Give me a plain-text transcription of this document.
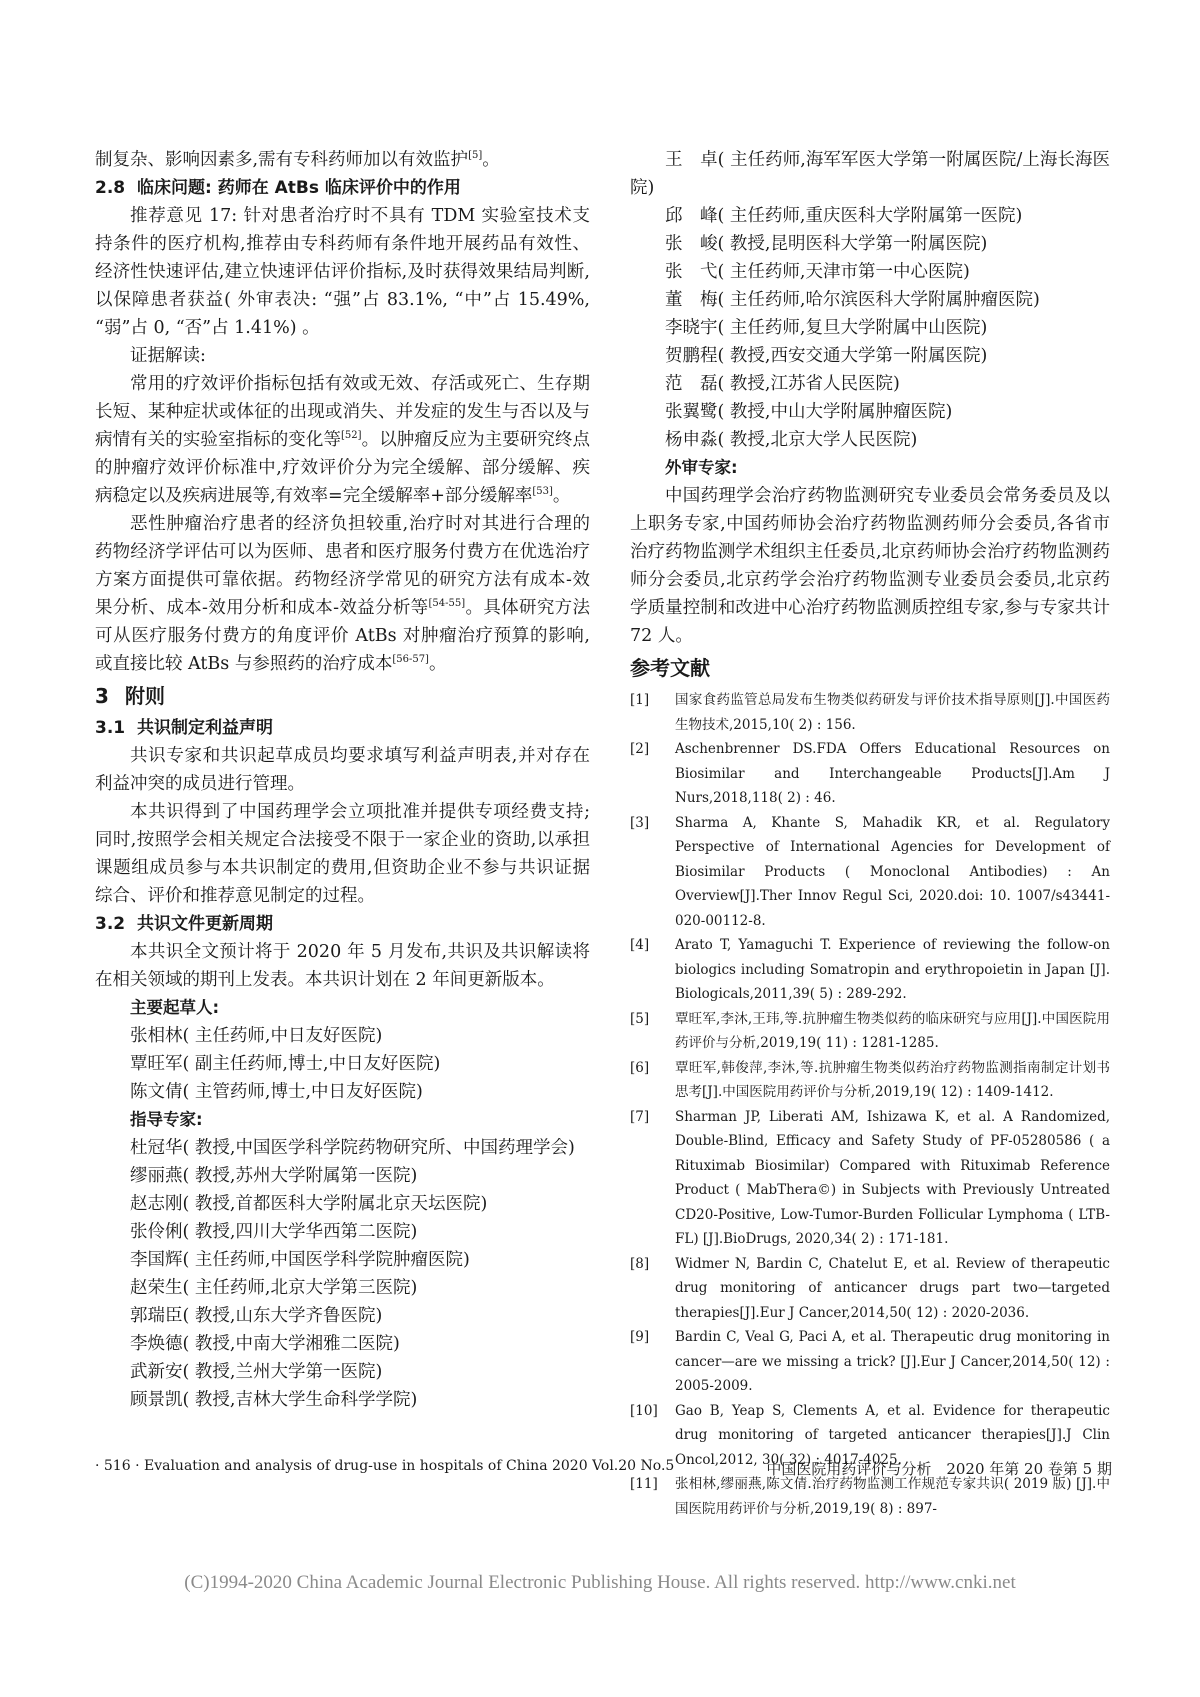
制复杂、影响因素多,需有专科药师加以有效监护[5]。

2.8 临床问题: 药师在 AtBs 临床评价中的作用

推荐意见 17: 针对患者治疗时不具有 TDM 实验室技术支持条件的医疗机构,推荐由专科药师有条件地开展药品有效性、经济性快速评估,建立快速评估评价指标,及时获得效果结局判断,以保障患者获益( 外审表决: “强”占 83.1%, “中”占 15.49%, “弱”占 0, “否”占 1.41%) 。

证据解读:

常用的疗效评价指标包括有效或无效、存活或死亡、生存期长短、某种症状或体征的出现或消失、并发症的发生与否以及与病情有关的实验室指标的变化等[52]。以肿瘤反应为主要研究终点的肿瘤疗效评价标准中,疗效评价分为完全缓解、部分缓解、疾病稳定以及疾病进展等,有效率=完全缓解率+部分缓解率[53]。

恶性肿瘤治疗患者的经济负担较重,治疗时对其进行合理的药物经济学评估可以为医师、患者和医疗服务付费方在优选治疗方案方面提供可靠依据。药物经济学常见的研究方法有成本-效果分析、成本-效用分析和成本-效益分析等[54-55]。具体研究方法可从医疗服务付费方的角度评价 AtBs 对肿瘤治疗预算的影响,或直接比较 AtBs 与参照药的治疗成本[56-57]。

3 附则
3.1 共识制定利益声明

共识专家和共识起草成员均要求填写利益声明表,并对存在利益冲突的成员进行管理。

本共识得到了中国药理学会立项批准并提供专项经费支持; 同时,按照学会相关规定合法接受不限于一家企业的资助,以承担课题组成员参与本共识制定的费用,但资助企业不参与共识证据综合、评价和推荐意见制定的过程。

3.2 共识文件更新周期

本共识全文预计将于 2020 年 5 月发布,共识及共识解读将在相关领域的期刊上发表。本共识计划在 2 年间更新版本。

主要起草人:
张相林( 主任药师,中日友好医院)
覃旺军( 副主任药师,博士,中日友好医院)
陈文倩( 主管药师,博士,中日友好医院)
指导专家:
杜冠华( 教授,中国医学科学院药物研究所、中国药理学会)
缪丽燕( 教授,苏州大学附属第一医院)
赵志刚( 教授,首都医科大学附属北京天坛医院)
张伶俐( 教授,四川大学华西第二医院)
李国辉( 主任药师,中国医学科学院肿瘤医院)
赵荣生( 主任药师,北京大学第三医院)
郭瑞臣( 教授,山东大学齐鲁医院)
李焕德( 教授,中南大学湘雅二医院)
武新安( 教授,兰州大学第一医院)
顾景凯( 教授,吉林大学生命科学学院)
王　卓( 主任药师,海军军医大学第一附属医院/上海长海医院)
邱　峰( 主任药师,重庆医科大学附属第一医院)
张　峻( 教授,昆明医科大学第一附属医院)
张　弋( 主任药师,天津市第一中心医院)
董　梅( 主任药师,哈尔滨医科大学附属肿瘤医院)
李晓宇( 主任药师,复旦大学附属中山医院)
贺鹏程( 教授,西安交通大学第一附属医院)
范　磊( 教授,江苏省人民医院)
张翼鹭( 教授,中山大学附属肿瘤医院)
杨申淼( 教授,北京大学人民医院)
外审专家:

中国药理学会治疗药物监测研究专业委员会常务委员及以上职务专家,中国药师协会治疗药物监测药师分会委员,各省市治疗药物监测学术组织主任委员,北京药师协会治疗药物监测药师分会委员,北京药学会治疗药物监测专业委员会委员,北京药学质量控制和改进中心治疗药物监测质控组专家,参与专家共计 72 人。

参考文献
[1] 国家食药监管总局发布生物类似药研发与评价技术指导原则[J].中国医药生物技术,2015,10( 2) : 156.
[2] Aschenbrenner DS.FDA Offers Educational Resources on Biosimilar and Interchangeable Products[J].Am J Nurs,2018,118( 2) : 46.
[3] Sharma A, Khante S, Mahadik KR, et al. Regulatory Perspective of International Agencies for Development of Biosimilar Products ( Monoclonal Antibodies) : An Overview[J].Ther Innov Regul Sci, 2020.doi: 10. 1007/s43441-020-00112-8.
[4] Arato T, Yamaguchi T. Experience of reviewing the follow-on biologics including Somatropin and erythropoietin in Japan [J]. Biologicals,2011,39( 5) : 289-292.
[5] 覃旺军,李沐,王玮,等.抗肿瘤生物类似药的临床研究与应用[J].中国医院用药评价与分析,2019,19( 11) : 1281-1285.
[6] 覃旺军,韩俊萍,李沐,等.抗肿瘤生物类似药治疗药物监测指南制定计划书思考[J].中国医院用药评价与分析,2019,19( 12) : 1409-1412.
[7] Sharman JP, Liberati AM, Ishizawa K, et al. A Randomized, Double-Blind, Efficacy and Safety Study of PF-05280586 ( a Rituximab Biosimilar) Compared with Rituximab Reference Product ( MabThera©) in Subjects with Previously Untreated CD20-Positive, Low-Tumor-Burden Follicular Lymphoma ( LTB-FL) [J].BioDrugs, 2020,34( 2) : 171-181.
[8] Widmer N, Bardin C, Chatelut E, et al. Review of therapeutic drug monitoring of anticancer drugs part two—targeted therapies[J].Eur J Cancer,2014,50( 12) : 2020-2036.
[9] Bardin C, Veal G, Paci A, et al. Therapeutic drug monitoring in cancer—are we missing a trick? [J].Eur J Cancer,2014,50( 12) : 2005-2009.
[10] Gao B, Yeap S, Clements A, et al. Evidence for therapeutic drug monitoring of targeted anticancer therapies[J].J Clin Oncol,2012, 30( 32) : 4017-4025.
[11] 张相林,缪丽燕,陈文倩.治疗药物监测工作规范专家共识( 2019 版) [J].中国医院用药评价与分析,2019,19( 8) : 897-
· 516 · Evaluation and analysis of drug-use in hospitals of China 2020 Vol.20 No.5	中国医院用药评价与分析　2020 年第 20 卷第 5 期
(C)1994-2020 China Academic Journal Electronic Publishing House. All rights reserved. http://www.cnki.net
